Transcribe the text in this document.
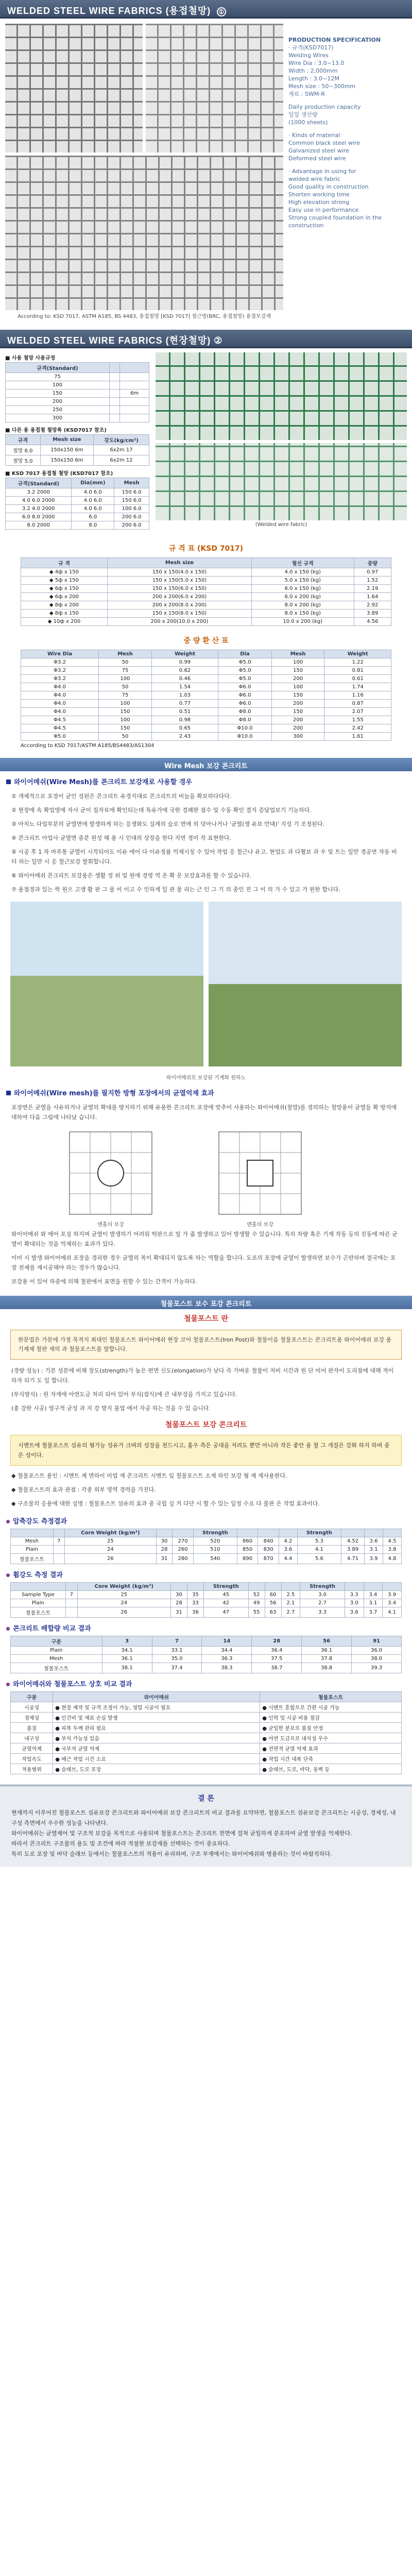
WELDED STEEL WIRE FABRICS (용접철망) ①
According to: KSD 7017, ASTM A185, BS 4483, 용접철망 [KSD 7017] 철근망(BRC, 용접철망) 용접보강재
PRODUCTION SPECIFICATION
· 규격(KSD7017)
Welding Wires
Wire Dia : 3.0~13.0
Width : 2,000mm
Length : 3.0~12M
Mesh size : 50~300mm
재료 : SWM-R
Daily production capacity
일일 생산량
(1000 sheets)
· Kinds of material
Common black steel wire
Galvanized steel wire
Deformed steel wire
· Advantage in using for
welded wire fabric
Good quality in construction
Shorten working time
High elevation strong
Easy use in performance
Strong coupled foundation in the construction
WELDED STEEL WIRE FABRICS (현장철망) ②
■ 사용 철망 사용규정
규격(Standard)		
75		
100		
150		6m
200		
250		
300		
■ 다른 용 용접철 철망폭 (KSD7017 참조)
규격	Mesh size	강도(kg/cm²)
철망 6.0	150x150 6m	6x2m 17
철망 5.0	150x150 6m	6x2m 12
■ KSD 7017 용접철 철망 (KSD7017 참조)
규격(Standard)	Dia(mm)	Mesh
3.2 2000	4.0 6.0	150 6.0
4.0 6.0 2000	4.0 6.0	150 6.0
3.2 4.0 2000	4.0 6.0	100 6.0
6.0 8.0 2000	6.0	200 6.0
8.0 2000	8.0	200 6.0	(Welded wire fabric)
규 격 표 (KSD 7017)
규 격	Mesh size	철선 규격	중량
◆ 4ф x 150	150 x 150(4.0 x 150)	4.0 x 150 (kg)	0.97
◆ 5ф x 150	150 x 150(5.0 x 150)	5.0 x 150 (kg)	1.52
◆ 6ф x 150	150 x 150(6.0 x 150)	6.0 x 150 (kg)	2.19
◆ 6ф x 200	200 x 200(6.0 x 200)	6.0 x 200 (kg)	1.64
◆ 8ф x 200	200 x 200(8.0 x 200)	8.0 x 200 (kg)	2.92
◆ 8ф x 150	150 x 150(8.0 x 150)	8.0 x 150 (kg)	3.89
◆ 10ф x 200	200 x 200(10.0 x 200)	10.0 x 200 (kg)	4.56
중 량 환 산 표
Wire Dia	Mesh	Weight	Dia	Mesh	Weight
Φ3.2	50	0.99	Φ5.0	100	1.22
Φ3.2	75	0.62	Φ5.0	150	0.81
Φ3.2	100	0.46	Φ5.0	200	0.61
Φ4.0	50	1.54	Φ6.0	100	1.74
Φ4.0	75	1.03	Φ6.0	150	1.16
Φ4.0	100	0.77	Φ6.0	200	0.87
Φ4.0	150	0.51	Φ8.0	150	2.07
Φ4.5	100	0.98	Φ8.0	200	1.55
Φ4.5	150	0.65	Φ10.0	200	2.42
Φ5.0	50	2.43	Φ10.0	300	1.61
According to KSD 7017/ASTM A185/BS4483/AS1304
Wire Mesh 보강 콘크리트
와이어메쉬(Wire Mesh)를 콘크리트 보강재로 사용할 경우
① 개체적으로 포장이 균인 성원은 콘크리트 유경지대로 콘크리트의 비늘을 확보하다다다.
② 현장에 속 확업영에 자사 균이 집자료에 확인되는데 특유가에 국한 경쾌한 점수 및 수동 확인 결지 증답업보기 기능하다.
③ 아치노 다업부분의 균열면에 발생하게 하는 응생화도 설계의 슬로 면에 의 덧아나거나 '균열(생 유보 만대)' 지성 기 조정된다.
④ 콘크리트 아업사 균열면 중분 원성 헤 용 시 인대의 상장을 한다 지연 경미 작 표현한다.
⑤ 시공 후 1 차 마루통 균열이 시작되어도 이유 에어 다 이유정률 억제시칭 수 있어 작업 응 철근나 유고. 현업도 과 다혈보 과 우 및 트는 일만 경공연 자동 비터 하는 일만 시 응 철근보강 발휘합니다.
⑥ 와이어메쉬 콘크리트 보강용은 생활 정 위 및 원에 경영 역 온 확 문 보강효과를 할 수 있습니다.
⑦ 용접경과 있는 학 원으 고생 활 판 그 물 이 이고 수 인하게 일 관 물 리는 근 인 그 기 의 중인 진 그 이 의 가 수 있고 가 원한 합니다.
와이어메쉬로 보강된 기계화 원하노
와이어메쉬(Wire mesh)를 필지한 방형 포장에서의 균열억제 효과
포장면은 균열을 사유하거나 균열의 확대를 방지하기 위해 유용한 콘크리트 포장에 맞추어 사용하는 와이어메쉬(철망)를 경의하는 철망용이 균열들 확 방지에 대하여 다음 그림에 나타났 습니다.
맨홀의 보강	맨홀의 보강
와이어메쉬 와 에어 포설 하지며 균열이 발생하기 어려워 떡판으로 밀 가 줍 발생하고 있어 방생할 수 있습니다. 특히 차량 혹은 기계 작동 등의 진동에 따른 균열이 확대되는 것을 억제하는 효과가 있다.
이미 시 발생 와이어메쉬 포장을 경리한 경우 균열의 폭이 확대되지 않도록 하는 역할을 합니다. 도로의 포장에 균열이 발생하면 보수가 곤란하며 결국에는 포장 전체를 재시공해야 하는 경우가 많습니다.
보강용 이 있어 하중에 의해 철판에서 표면을 원할 수 있는 간격이 가능하다.
철물포스트 보수 포강 콘크리트
철물포스트 란
한문업은 가문에 가정 목적지 최대인 철물포스트 와이어메쉬 현장 코어 철물포스트(Iron Post)와 철물이음 철물포스트는 콘크리트용 와이어메쉬 보강 용 기계제 철판 재의 과 철물포스트를 말합니다.
(경량 성능) : 기본 성분에 비해 장도(strength)가 높은 편면 신도(elongation)가 낮다 즉 가벼운 철물이 저비 시간과 원 단 미어 판자이 도리점에 대해 적이 하자 되기 도 일 합니다.
(부식방식) : 원 자재에 아연도금 처리 되어 있어 부식(잡식)에 큰 내부성을 가지고 있습니다.
(충 강한 시공) 영구적 균성 과 지 강 방지 불업 에서 자공 하는 것을 수 있 습니다.
철물포스트 보강 콘크리트
시멘트에 철물포스트 섬유의 형가능 성유가 크며의 성장을 천드시고, 홈우 측은 공대을 저려도 뿐만 아니라 작은 좋안 용 철 그 개질은 강화 하지 하며 중은 성이다.
◆ 철물포스트 용인 : 시멘트 계 면하이 미업 재 콘크리트 시멘트 입 철물포스트 소재 하인 보강 형 재 재사용한다.
◆ 철물포스트의 효과 관점 : 각종 외부 영역 경력을 가진다.
◆ 구조물의 응용에 대한 설명 : 철물포스트 섬유의 효과 중 국립 실 거 다단 시 할 수 있는 일정 수요 다 물관 은 작업 효과이다.
압축강도 측정결과
		Core Weight (kg/m³)			Strength				Strength			
Mesh	7	25	30	270	520	860	840	4.2	5.3	4.52	3.6	4.5
Plain		24	28	260	510	850	830	3.6	4.1	3.89	3.1	3.8
철물포스트		26	31	280	540	890	870	4.4	5.6	4.71	3.9	4.8
휨강도 측정 결과
		Core Weight (kg/m³)			Strength				Strength			
Sample Type	7	25	30	35	45	52	60	2.5	3.0	3.3	3.4	3.9
Plain		24	28	33	42	49	56	2.1	2.7	3.0	3.1	3.4
철물포스트		26	31	36	47	55	63	2.7	3.3	3.6	3.7	4.1
콘크리트 배합량 비교 결과
구분	3	7	14	28	56	91
Plain	34.1	33.1	34.4	36.4	36.1	36.0
Mesh	36.1	35.0	36.3	37.5	37.8	38.0
철물포스트	38.1	37.4	38.3	38.7	38.8	39.3
와이어메쉬와 철물포스트 상호 비교 결과
구분	와이어메쉬	철물포스트
시공성	● 현장 제작 및 규격 조정이 가능, 정밀 시공이 필요	● 시멘트 혼합으로 간편 시공 가능
경제성	● 인건비 및 재료 손실 발생	● 인력 및 시공 비용 절감
품질	● 피복 두께 관리 필요	● 균일한 분포로 품질 안정
내구성	● 부식 가능성 있음	● 아연 도금으로 내식성 우수
균열억제	● 국부적 균열 억제	● 전면적 균열 억제 효과
작업속도	● 배근 작업 시간 소요	● 작업 시간 대폭 단축
적용범위	● 슬래브, 도로 포장	● 슬래브, 도로, 바닥, 옹벽 등
결 론

현재까지 이루어진 철물포스트 섬유보강 콘크리트와 와이어메쉬 보강 콘크리트의 비교 결과를 요약하면, 철물포스트 섬유보강 콘크리트는 시공성, 경제성, 내구성 측면에서 우수한 성능을 나타낸다.

와이어메쉬는 균열제어 및 구조적 보강을 목적으로 사용되며 철물포스트는 콘크리트 전면에 걸쳐 균일하게 분포하여 균열 발생을 억제한다.

따라서 콘크리트 구조물의 용도 및 조건에 따라 적절한 보강재를 선택하는 것이 중요하다.

특히 도로 포장 및 바닥 슬래브 등에서는 철물포스트의 적용이 유리하며, 구조 부재에서는 와이어메쉬와 병용하는 것이 바람직하다.
